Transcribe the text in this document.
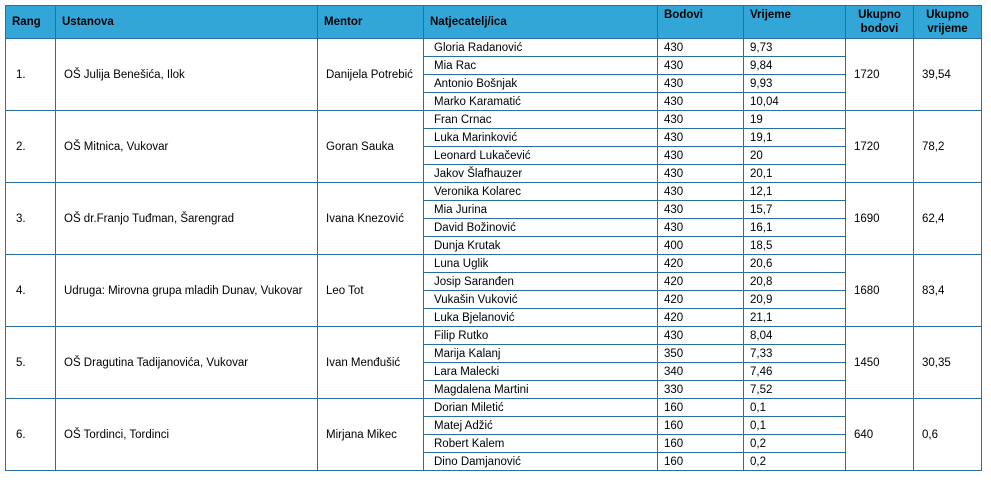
Rang	Ustanova	Mentor	Natjecatelj/ica	Bodovi	Vrijeme	Ukupno bodovi	Ukupno vrijeme
1.	OŠ Julija Benešića, Ilok	Danijela Potrebić	Gloria Radanović	430	9,73	1720	39,54
			Mia Rac	430	9,84		
			Antonio Bošnjak	430	9,93		
			Marko Karamatić	430	10,04		
2.	OŠ Mitnica, Vukovar	Goran Sauka	Fran Crnac	430	19	1720	78,2
			Luka Marinković	430	19,1		
			Leonard Lukačević	430	20		
			Jakov Šlafhauzer	430	20,1		
3.	OŠ dr.Franjo Tuđman, Šarengrad	Ivana Knezović	Veronika Kolarec	430	12,1	1690	62,4
			Mia Jurina	430	15,7		
			David Božinović	430	16,1		
			Dunja Krutak	400	18,5		
4.	Udruga: Mirovna grupa mladih Dunav, Vukovar	Leo Tot	Luna Uglik	420	20,6	1680	83,4
			Josip Saranđen	420	20,8		
			Vukašin Vuković	420	20,9		
			Luka Bjelanović	420	21,1		
5.	OŠ Dragutina Tadijanovića, Vukovar	Ivan Menđušić	Filip Rutko	430	8,04	1450	30,35
			Marija Kalanj	350	7,33		
			Lara Malecki	340	7,46		
			Magdalena Martini	330	7,52		
6.	OŠ Tordinci, Tordinci	Mirjana Mikec	Dorian Miletić	160	0,1	640	0,6
			Matej Adžić	160	0,1		
			Robert Kalem	160	0,2		
			Dino Damjanović	160	0,2		
